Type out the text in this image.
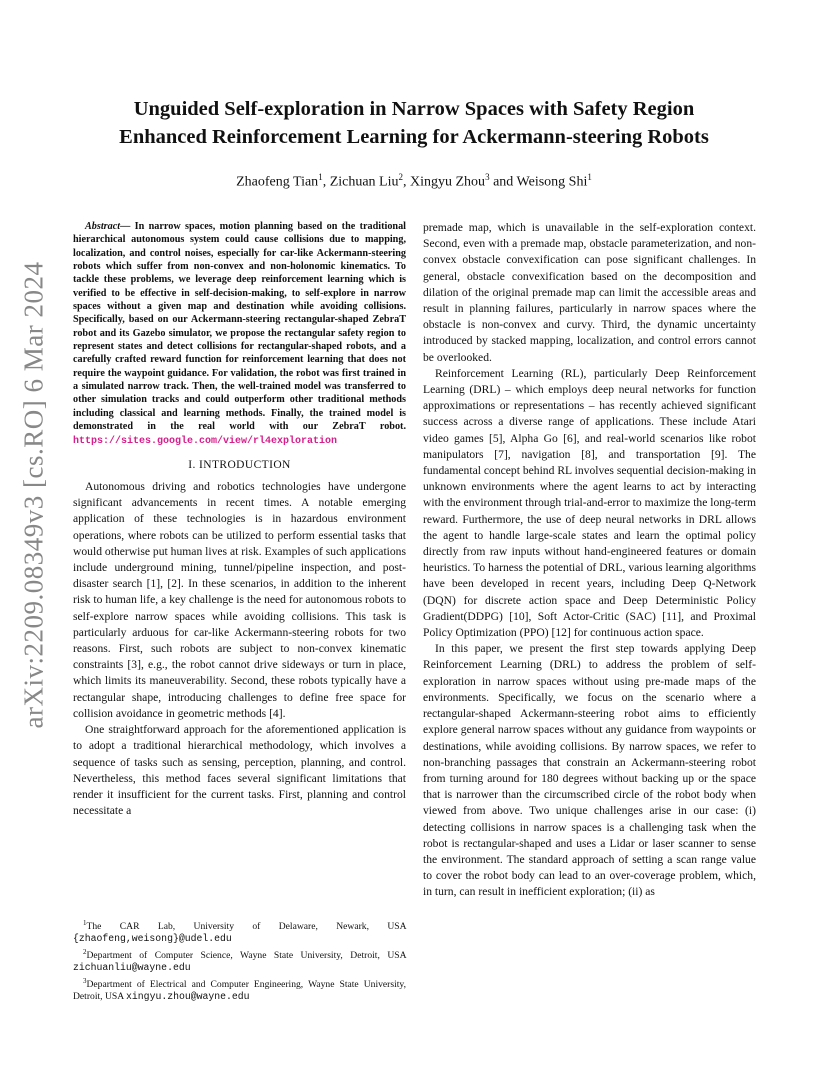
arXiv:2209.08349v3 [cs.RO] 6 Mar 2024
Unguided Self-exploration in Narrow Spaces with Safety Region
Enhanced Reinforcement Learning for Ackermann-steering Robots
Zhaofeng Tian$^1$, Zichuan Liu$^2$, Xingyu Zhou$^3$ and Weisong Shi$^1$

Abstract— In narrow spaces, motion planning based on the traditional hierarchical autonomous system could cause collisions due to mapping, localization, and control noises, especially for car-like Ackermann-steering robots which suffer from non-convex and non-holonomic kinematics. To tackle these problems, we leverage deep reinforcement learning which is verified to be effective in self-decision-making, to self-explore in narrow spaces without a given map and destination while avoiding collisions. Specifically, based on our Ackermann-steering rectangular-shaped ZebraT robot and its Gazebo simulator, we propose the rectangular safety region to represent states and detect collisions for rectangular-shaped robots, and a carefully crafted reward function for reinforcement learning that does not require the waypoint guidance. For validation, the robot was first trained in a simulated narrow track. Then, the well-trained model was transferred to other simulation tracks and could outperform other traditional methods including classical and learning methods. Finally, the trained model is demonstrated in the real world with our ZebraT robot. https://sites.google.com/view/rl4exploration

I. INTRODUCTION

Autonomous driving and robotics technologies have undergone significant advancements in recent times. A notable emerging application of these technologies is in hazardous environment operations, where robots can be utilized to perform essential tasks that would otherwise put human lives at risk. Examples of such applications include underground mining, tunnel/pipeline inspection, and post-disaster search [1], [2]. In these scenarios, in addition to the inherent risk to human life, a key challenge is the need for autonomous robots to self-explore narrow spaces while avoiding collisions. This task is particularly arduous for car-like Ackermann-steering robots for two reasons. First, such robots are subject to non-convex kinematic constraints [3], e.g., the robot cannot drive sideways or turn in place, which limits its maneuverability. Second, these robots typically have a rectangular shape, introducing challenges to define free space for collision avoidance in geometric methods [4].

One straightforward approach for the aforementioned application is to adopt a traditional hierarchical methodology, which involves a sequence of tasks such as sensing, perception, planning, and control. Nevertheless, this method faces several significant limitations that render it insufficient for the current tasks. First, planning and control necessitate a

$^1$The CAR Lab, University of Delaware, Newark, USA {zhaofeng,weisong}@udel.edu

$^2$Department of Computer Science, Wayne State University, Detroit, USA zichuanliu@wayne.edu

$^3$Department of Electrical and Computer Engineering, Wayne State University, Detroit, USA xingyu.zhou@wayne.edu

premade map, which is unavailable in the self-exploration context. Second, even with a premade map, obstacle parameterization, and non-convex obstacle convexification can pose significant challenges. In general, obstacle convexification based on the decomposition and dilation of the original premade map can limit the accessible areas and result in planning failures, particularly in narrow spaces where the obstacle is non-convex and curvy. Third, the dynamic uncertainty introduced by stacked mapping, localization, and control errors cannot be overlooked.

Reinforcement Learning (RL), particularly Deep Reinforcement Learning (DRL) – which employs deep neural networks for function approximations or representations – has recently achieved significant success across a diverse range of applications. These include Atari video games [5], Alpha Go [6], and real-world scenarios like robot manipulators [7], navigation [8], and transportation [9]. The fundamental concept behind RL involves sequential decision-making in unknown environments where the agent learns to act by interacting with the environment through trial-and-error to maximize the long-term reward. Furthermore, the use of deep neural networks in DRL allows the agent to handle large-scale states and learn the optimal policy directly from raw inputs without hand-engineered features or domain heuristics. To harness the potential of DRL, various learning algorithms have been developed in recent years, including Deep Q-Network (DQN) for discrete action space and Deep Deterministic Policy Gradient(DDPG) [10], Soft Actor-Critic (SAC) [11], and Proximal Policy Optimization (PPO) [12] for continuous action space.

In this paper, we present the first step towards applying Deep Reinforcement Learning (DRL) to address the problem of self-exploration in narrow spaces without using pre-made maps of the environments. Specifically, we focus on the scenario where a rectangular-shaped Ackermann-steering robot aims to efficiently explore general narrow spaces without any guidance from waypoints or destinations, while avoiding collisions. By narrow spaces, we refer to non-branching passages that constrain an Ackermann-steering robot from turning around for 180 degrees without backing up or the space that is narrower than the circumscribed circle of the robot body when viewed from above. Two unique challenges arise in our case: (i) detecting collisions in narrow spaces is a challenging task when the robot is rectangular-shaped and uses a Lidar or laser scanner to sense the environment. The standard approach of setting a scan range value to cover the robot body can lead to an over-coverage problem, which, in turn, can result in inefficient exploration; (ii) as
